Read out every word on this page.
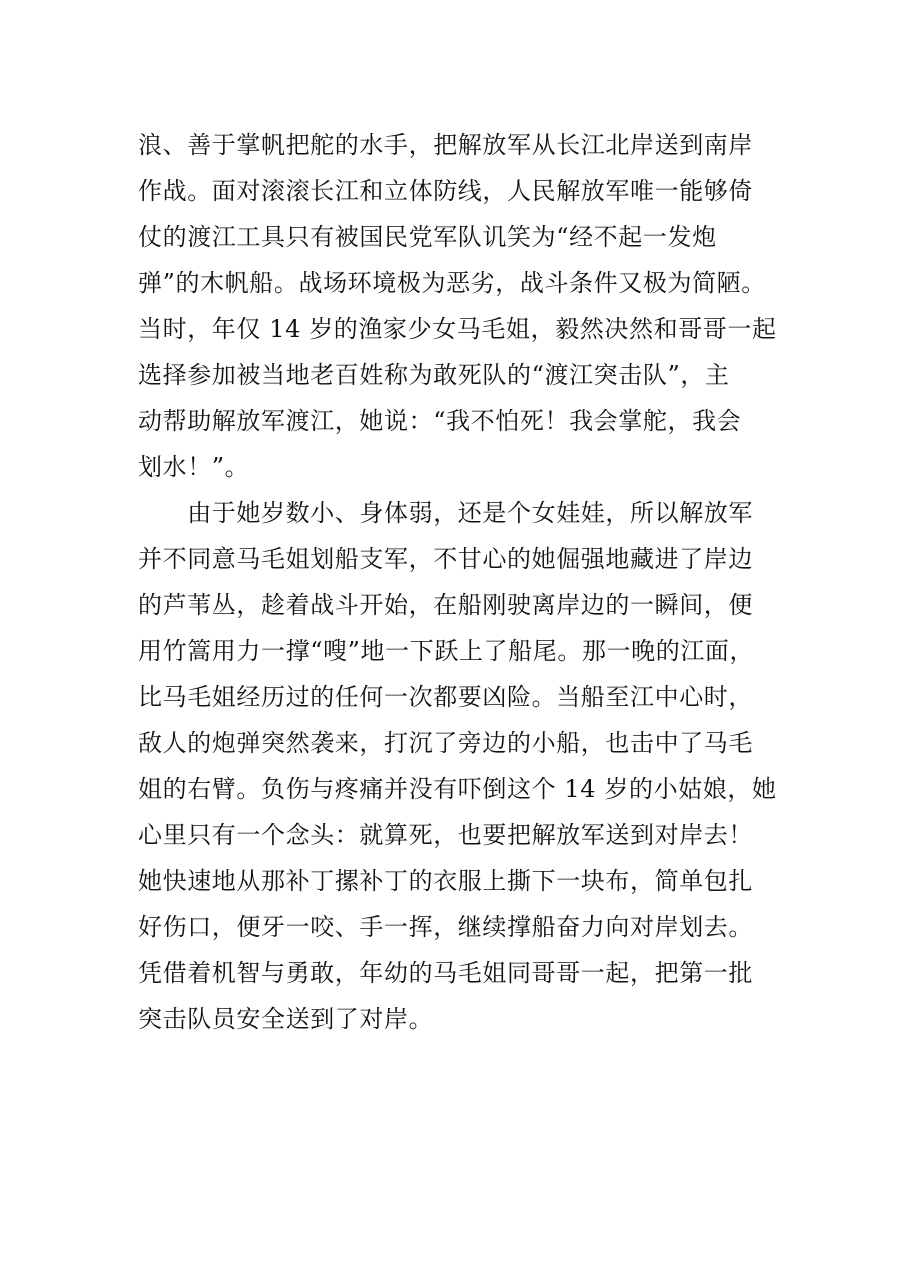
浪、善于掌帆把舵的水手，把解放军从长江北岸送到南岸
作战。面对滚滚长江和立体防线，人民解放军唯一能够倚
仗的渡江工具只有被国民党军队讥笑为“经不起一发炮
弹”的木帆船。战场环境极为恶劣，战斗条件又极为简陋。
当时，年仅 14 岁的渔家少女马毛姐，毅然决然和哥哥一起
选择参加被当地老百姓称为敢死队的“渡江突击队”，主
动帮助解放军渡江，她说：“我不怕死！我会掌舵，我会
划水！”。
　　由于她岁数小、身体弱，还是个女娃娃，所以解放军
并不同意马毛姐划船支军，不甘心的她倔强地藏进了岸边
的芦苇丛，趁着战斗开始，在船刚驶离岸边的一瞬间，便
用竹篙用力一撑“嗖”地一下跃上了船尾。那一晚的江面，
比马毛姐经历过的任何一次都要凶险。当船至江中心时，
敌人的炮弹突然袭来，打沉了旁边的小船，也击中了马毛
姐的右臂。负伤与疼痛并没有吓倒这个 14 岁的小姑娘，她
心里只有一个念头：就算死，也要把解放军送到对岸去！
她快速地从那补丁摞补丁的衣服上撕下一块布，简单包扎
好伤口，便牙一咬、手一挥，继续撑船奋力向对岸划去。
凭借着机智与勇敢，年幼的马毛姐同哥哥一起，把第一批
突击队员安全送到了对岸。
